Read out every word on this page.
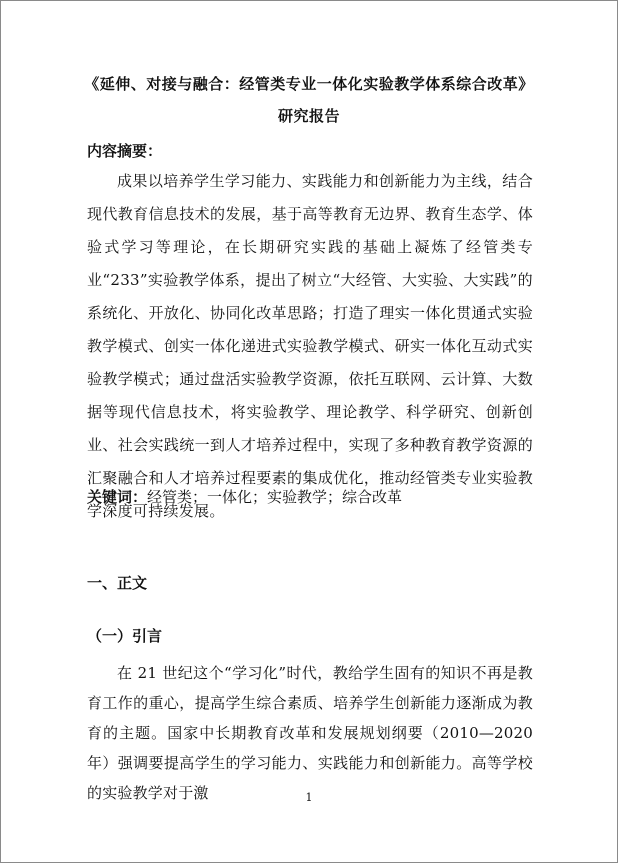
《延伸、对接与融合：经管类专业一体化实验教学体系综合改革》
研究报告
内容摘要：
成果以培养学生学习能力、实践能力和创新能力为主线，结合现代教育信息技术的发展，基于高等教育无边界、教育生态学、体验式学习等理论，在长期研究实践的基础上凝炼了经管类专业“233”实验教学体系，提出了树立“大经管、大实验、大实践”的系统化、开放化、协同化改革思路；打造了理实一体化贯通式实验教学模式、创实一体化递进式实验教学模式、研实一体化互动式实验教学模式；通过盘活实验教学资源，依托互联网、云计算、大数据等现代信息技术，将实验教学、理论教学、科学研究、创新创业、社会实践统一到人才培养过程中，实现了多种教育教学资源的汇聚融合和人才培养过程要素的集成优化，推动经管类专业实验教学深度可持续发展。
关键词：经管类；一体化；实验教学；综合改革
一、正文
（一）引言
在 21 世纪这个“学习化”时代，教给学生固有的知识不再是教育工作的重心，提高学生综合素质、培养学生创新能力逐渐成为教育的主题。国家中长期教育改革和发展规划纲要（2010—2020 年）强调要提高学生的学习能力、实践能力和创新能力。高等学校的实验教学对于激	1
